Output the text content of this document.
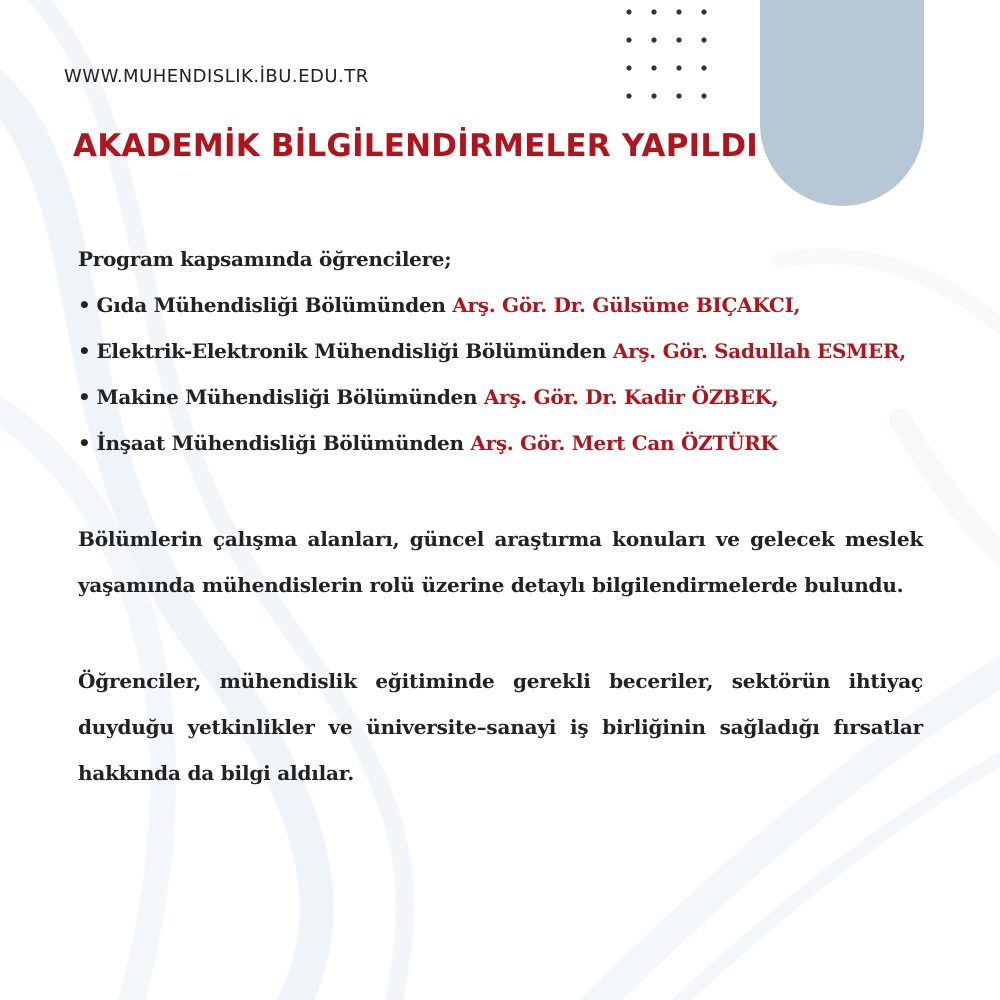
WWW.MUHENDISLIK.İBU.EDU.TR

AKADEMİK BİLGİLENDİRMELER YAPILDI

Program kapsamında öğrencilere;

• Gıda Mühendisliği Bölümünden Arş. Gör. Dr. Gülsüme BIÇAKCI,
• Elektrik-Elektronik Mühendisliği Bölümünden Arş. Gör. Sadullah ESMER,
• Makine Mühendisliği Bölümünden Arş. Gör. Dr. Kadir ÖZBEK,
• İnşaat Mühendisliği Bölümünden Arş. Gör. Mert Can ÖZTÜRK

Bölümlerin çalışma alanları, güncel araştırma konuları ve gelecek meslek yaşamında mühendislerin rolü üzerine detaylı bilgilendirmelerde bulundu.

Öğrenciler, mühendislik eğitiminde gerekli beceriler, sektörün ihtiyaç duyduğu yetkinlikler ve üniversite–sanayi iş birliğinin sağladığı fırsatlar hakkında da bilgi aldılar.
